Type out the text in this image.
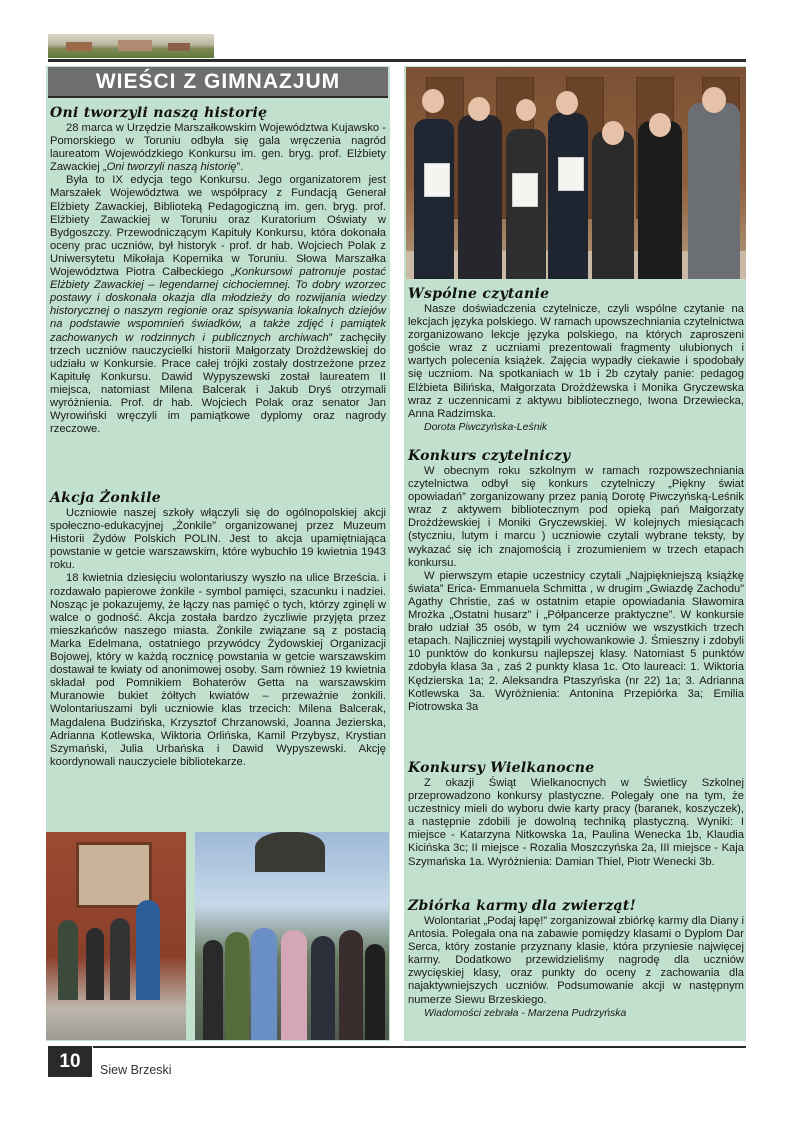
WIEŚCI Z GIMNAZJUM
Oni tworzyli naszą historię

28 marca w Urzędzie Marszałkowskim Województwa Kujawsko - Pomorskiego w Toruniu odbyła się gala wręczenia nagród laureatom Wojewódzkiego Konkursu im. gen. bryg. prof. Elżbiety Zawackiej „Oni tworzyli naszą historię”.

Była to IX edycja tego Konkursu. Jego organizatorem jest Marszałek Województwa we współpracy z Fundacją Generał Elżbiety Zawackiej, Biblioteką Pedagogiczną im. gen. bryg. prof. Elżbiety Zawackiej w Toruniu oraz Kuratorium Oświaty w Bydgoszczy. Przewodniczącym Kapituły Konkursu, która dokonała oceny prac uczniów, był historyk - prof. dr hab. Wojciech Polak z Uniwersytetu Mikołaja Kopernika w Toruniu. Słowa Marszałka Województwa Piotra Całbeckiego „Konkursowi patronuje postać Elżbiety Zawackiej – legendarnej cichociemnej. To dobry wzorzec postawy i doskonała okazja dla młodzieży do rozwijania wiedzy historycznej o naszym regionie oraz spisywania lokalnych dziejów na podstawie wspomnień świadków, a także zdjęć i pamiątek zachowanych w rodzinnych i publicznych archiwach” zachęciły trzech uczniów nauczycielki historii Małgorzaty Drożdżewskiej do udziału w Konkursie. Prace całej trójki zostały dostrzeżone przez Kapitułę Konkursu. Dawid Wypyszewski został laureatem II miejsca, natomiast Milena Balcerak i Jakub Dryś otrzymali wyróżnienia. Prof. dr hab. Wojciech Polak oraz senator Jan Wyrowiński wręczyli im pamiątkowe dyplomy oraz nagrody rzeczowe.

Akcja Żonkile

Uczniowie naszej szkoły włączyli się do ogólnopolskiej akcji społeczno-edukacyjnej „Żonkile” organizowanej przez Muzeum Historii Żydów Polskich POLIN. Jest to akcja upamiętniająca powstanie w getcie warszawskim, które wybuchło 19 kwietnia 1943 roku.

18 kwietnia dziesięciu wolontariuszy wyszło na ulice Brześcia. i rozdawało papierowe żonkile - symbol pamięci, szacunku i nadziei. Nosząc je pokazujemy, że łączy nas pamięć o tych, którzy zginęli w walce o godność. Akcja została bardzo życzliwie przyjęta przez mieszkańców naszego miasta. Żonkile związane są z postacią Marka Edelmana, ostatniego przywódcy Żydowskiej Organizacji Bojowej, który w każdą rocznicę powstania w getcie warszawskim dostawał te kwiaty od anonimowej osoby. Sam również 19 kwietnia składał pod Pomnikiem Bohaterów Getta na warszawskim Muranowie bukiet żółtych kwiatów – przeważnie żonkili. Wolontariuszami byli uczniowie klas trzecich: Milena Balcerak, Magdalena Budzińska, Krzysztof Chrzanowski, Joanna Jezierska, Adrianna Kotlewska, Wiktoria Orlińska, Kamil Przybysz, Krystian Szymański, Julia Urbańska i Dawid Wypyszewski. Akcję koordynowali nauczyciele bibliotekarze.

Wspólne czytanie

Nasze doświadczenia czytelnicze, czyli wspólne czytanie na lekcjach języka polskiego. W ramach upowszechniania czytelnictwa zorganizowano lekcje języka polskiego, na których zaproszeni goście wraz z uczniami prezentowali fragmenty ulubionych i wartych polecenia książek. Zajęcia wypadły ciekawie i spodobały się uczniom. Na spotkaniach w 1b i 2b czytały panie: pedagog Elżbieta Bilińska, Małgorzata Drożdżewska i Monika Gryczewska wraz z uczennicami z aktywu bibliotecznego, Iwona Drzewiecka, Anna Radzimska.

Dorota Piwczyńska-Leśnik

Konkurs czytelniczy

W obecnym roku szkolnym w ramach rozpowszechniania czytelnictwa odbył się konkurs czytelniczy „Piękny świat opowiadań” zorganizowany przez panią Dorotę Piwczyńską-Leśnik wraz z aktywem bibliotecznym pod opieką pań Małgorzaty Drożdżewskiej i Moniki Gryczewskiej. W kolejnych miesiącach (styczniu, lutym i marcu ) uczniowie czytali wybrane teksty, by wykazać się ich znajomością i zrozumieniem w trzech etapach konkursu.

W pierwszym etapie uczestnicy czytali „Najpiękniejszą książkę świata” Erica- Emmanuela Schmitta , w drugim „Gwiazdę Zachodu” Agathy Christie, zaś w ostatnim etapie opowiadania Sławomira Mrożka „Ostatni husarz” i „Półpancerze praktyczne”. W konkursie brało udział 35 osób, w tym 24 uczniów we wszystkich trzech etapach. Najliczniej wystąpili wychowankowie J. Śmieszny i zdobyli 10 punktów do konkursu najlepszej klasy. Natomiast 5 punktów zdobyła klasa 3a , zaś 2 punkty klasa 1c. Oto laureaci: 1. Wiktoria Kędzierska 1a; 2. Aleksandra Ptaszyńska (nr 22) 1a; 3. Adrianna Kotlewska 3a. Wyróżnienia: Antonina Przepiórka 3a; Emilia Piotrowska 3a

Konkursy Wielkanocne

Z okazji Świąt Wielkanocnych w Świetlicy Szkolnej przeprowadzono konkursy plastyczne. Polegały one na tym, że uczestnicy mieli do wyboru dwie karty pracy (baranek, koszyczek), a następnie zdobili je dowolną techniką plastyczną. Wyniki: I miejsce - Katarzyna Nitkowska 1a, Paulina Wenecka 1b, Klaudia Kicińska 3c; II miejsce - Rozalia Moszczyńska 2a, III miejsce - Kaja Szymańska 1a. Wyróżnienia: Damian Thiel, Piotr Wenecki 3b.

Zbiórka karmy dla zwierząt!

Wolontariat „Podaj łapę!” zorganizował zbiórkę karmy dla Diany i Antosia. Polegała ona na zabawie pomiędzy klasami o Dyplom Dar Serca, który zostanie przyznany klasie, która przyniesie najwięcej karmy. Dodatkowo przewidzieliśmy nagrodę dla uczniów zwycięskiej klasy, oraz punkty do oceny z zachowania dla najaktywniejszych uczniów. Podsumowanie akcji w następnym numerze Siewu Brzeskiego.

Wiadomości zebrała - Marzena Pudrzyńska

10	Siew Brzeski
